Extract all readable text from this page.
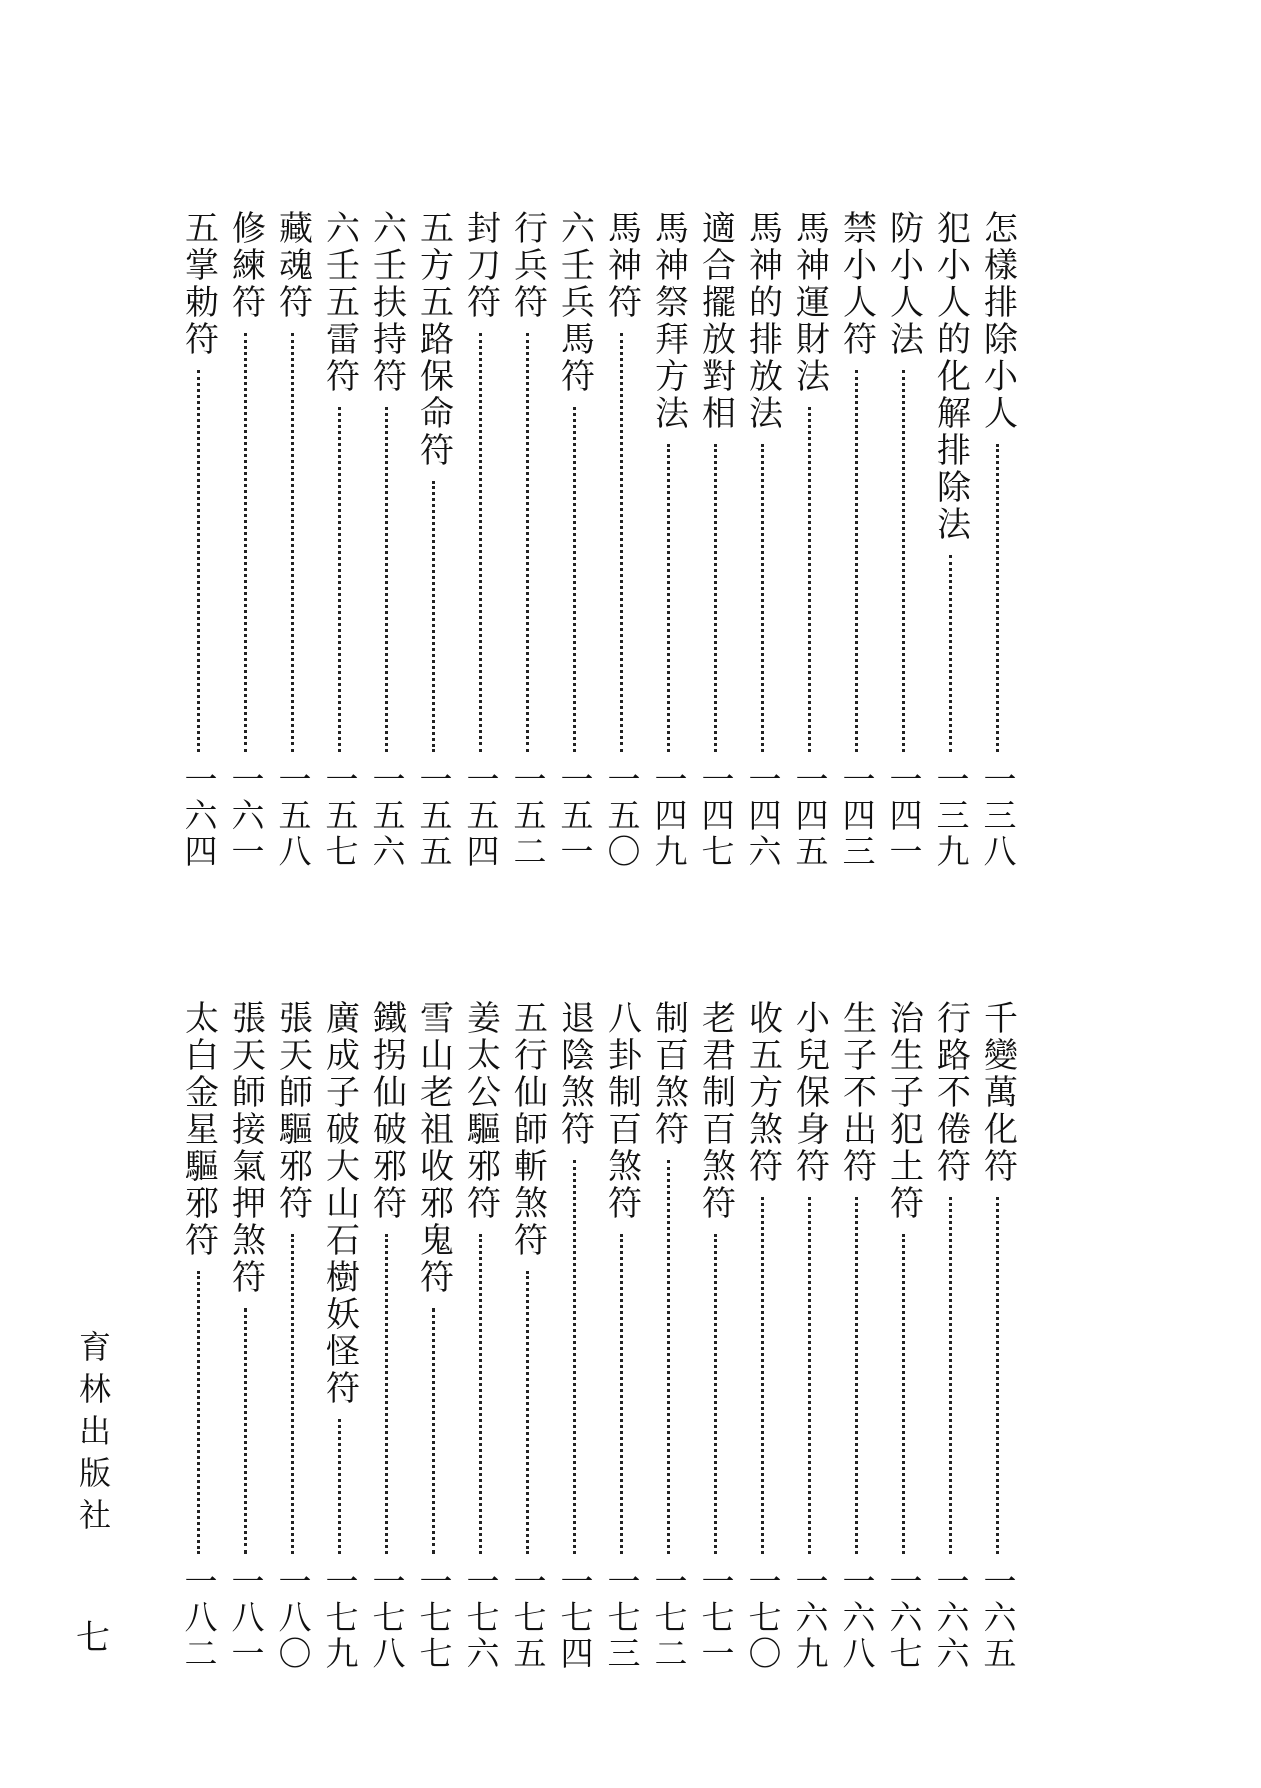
怎樣排除小人
一三八
犯小人的化解排除法
一三九
防小人法
一四一
禁小人符
一四三
馬神運財法
一四五
馬神的排放法
一四六
適合擺放對相
一四七
馬神祭拜方法
一四九
馬神符
一五〇
六壬兵馬符
一五一
行兵符
一五二
封刀符
一五四
五方五路保命符
一五五
六壬扶持符
一五六
六壬五雷符
一五七
藏魂符
一五八
修練符
一六一
五掌勅符
一六四
千變萬化符
一六五
行路不倦符
一六六
治生子犯土符
一六七
生子不出符
一六八
小兒保身符
一六九
收五方煞符
一七〇
老君制百煞符
一七一
制百煞符
一七二
八卦制百煞符
一七三
退陰煞符
一七四
五行仙師斬煞符
一七五
姜太公驅邪符
一七六
雪山老祖收邪鬼符
一七七
鐵拐仙破邪符
一七八
廣成子破大山石樹妖怪符
一七九
張天師驅邪符
一八〇
張天師接氣押煞符
一八一
太白金星驅邪符
一八二
育林出版社
七
